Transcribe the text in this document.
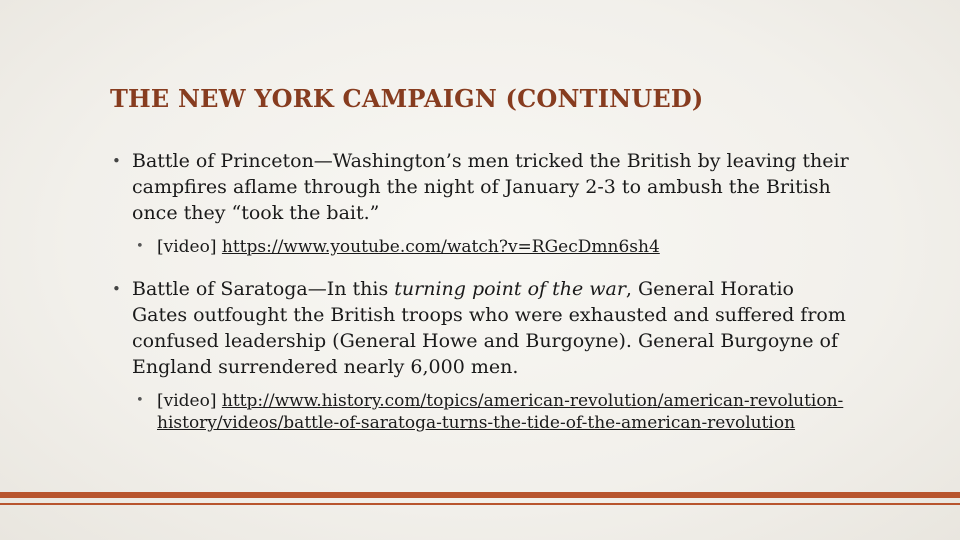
THE NEW YORK CAMPAIGN (CONTINUED)
• Battle of Princeton—Washington’s men tricked the British by leaving their campfires aflame through the night of January 2-3 to ambush the British once they “took the bait.”
• [video] https://www.youtube.com/watch?v=RGecDmn6sh4
• Battle of Saratoga—In this turning point of the war, General Horatio Gates outfought the British troops who were exhausted and suffered from confused leadership (General Howe and Burgoyne). General Burgoyne of England surrendered nearly 6,000 men.
• [video] http://www.history.com/topics/american-revolution/american-revolution-history/videos/battle-of-saratoga-turns-the-tide-of-the-american-revolution
